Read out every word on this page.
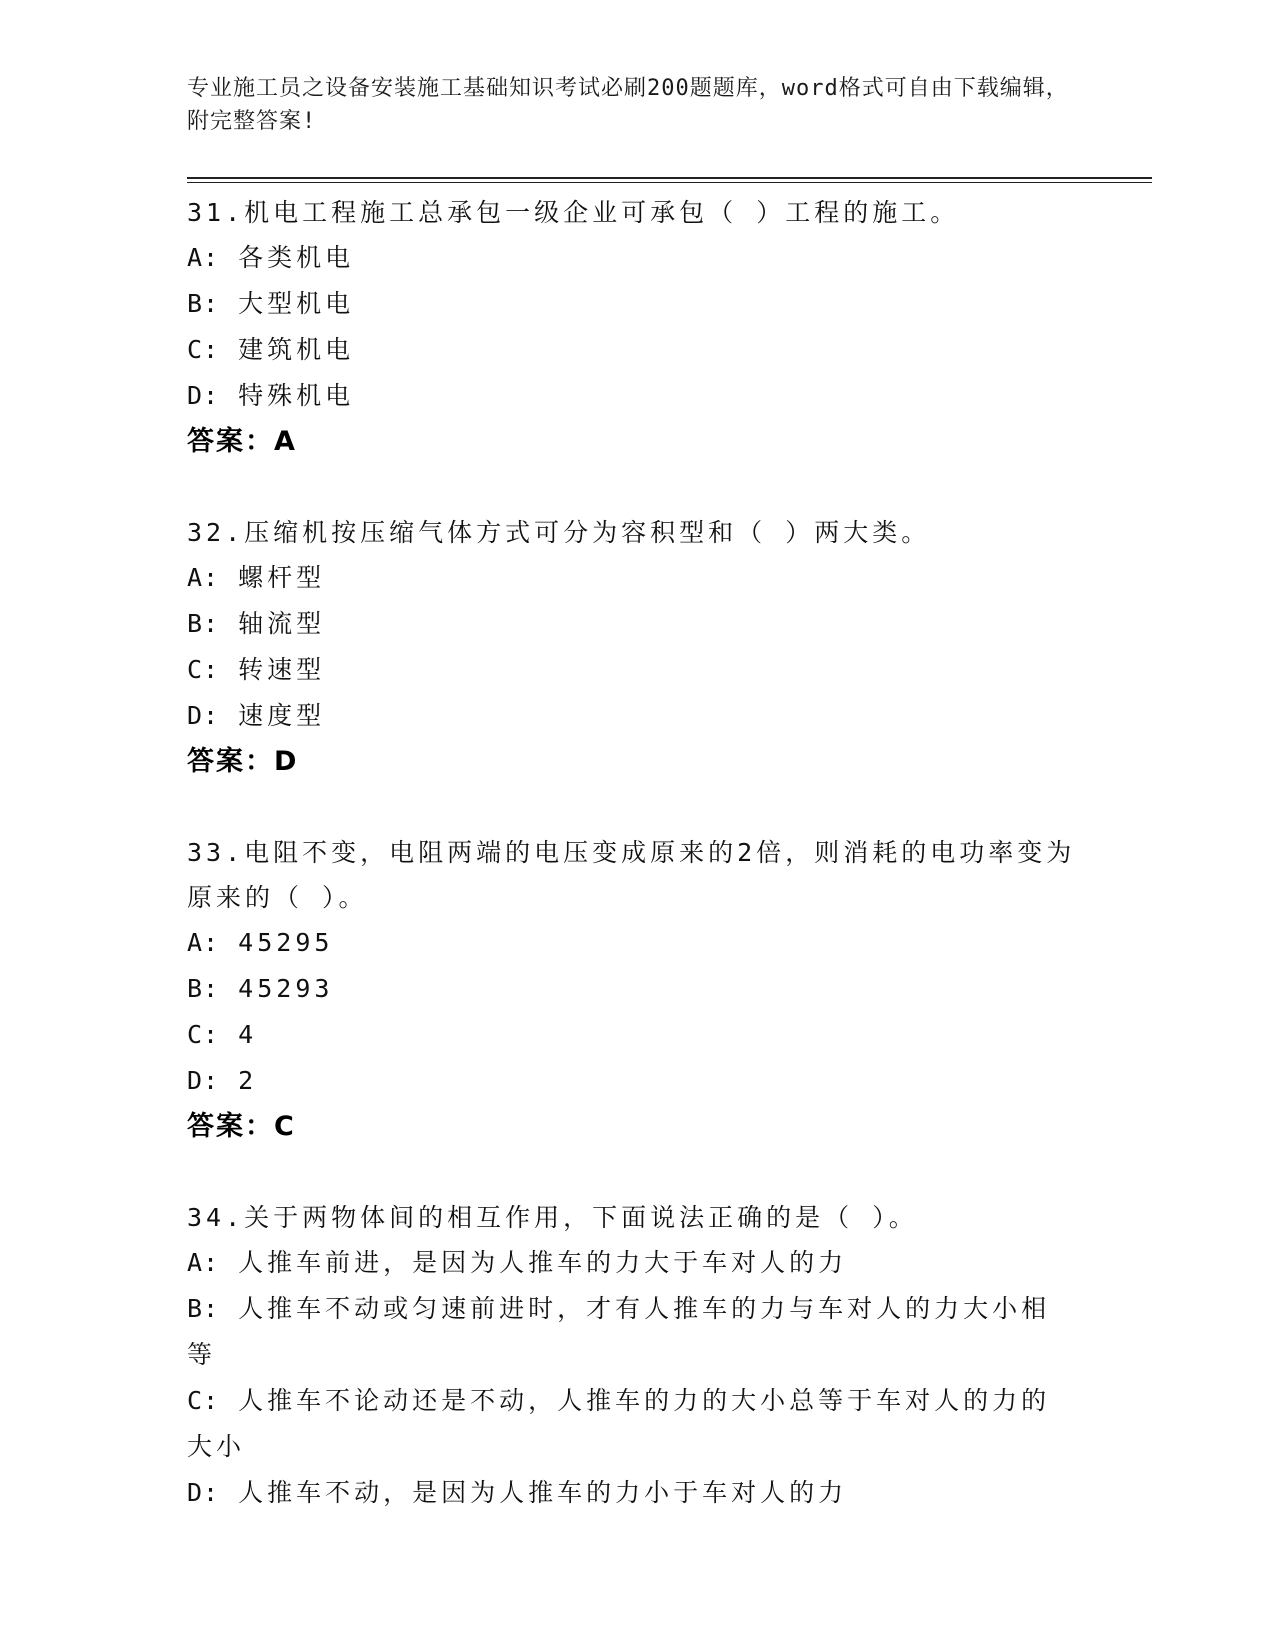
专业施工员之设备安装施工基础知识考试必刷200题题库，word格式可自由下载编辑，附完整答案!

31.机电工程施工总承包一级企业可承包（ ）工程的施工。

A: 各类机电

B: 大型机电

C: 建筑机电

D: 特殊机电

答案：A

32.压缩机按压缩气体方式可分为容积型和（ ）两大类。

A: 螺杆型

B: 轴流型

C: 转速型

D: 速度型

答案：D

33.电阻不变，电阻两端的电压变成原来的2倍，则消耗的电功率变为原来的（ ）。

A: 45295

B: 45293

C: 4

D: 2

答案：C

34.关于两物体间的相互作用，下面说法正确的是（ ）。

A: 人推车前进，是因为人推车的力大于车对人的力

B: 人推车不动或匀速前进时，才有人推车的力与车对人的力大小相等

C: 人推车不论动还是不动，人推车的力的大小总等于车对人的力的大小

D: 人推车不动，是因为人推车的力小于车对人的力
